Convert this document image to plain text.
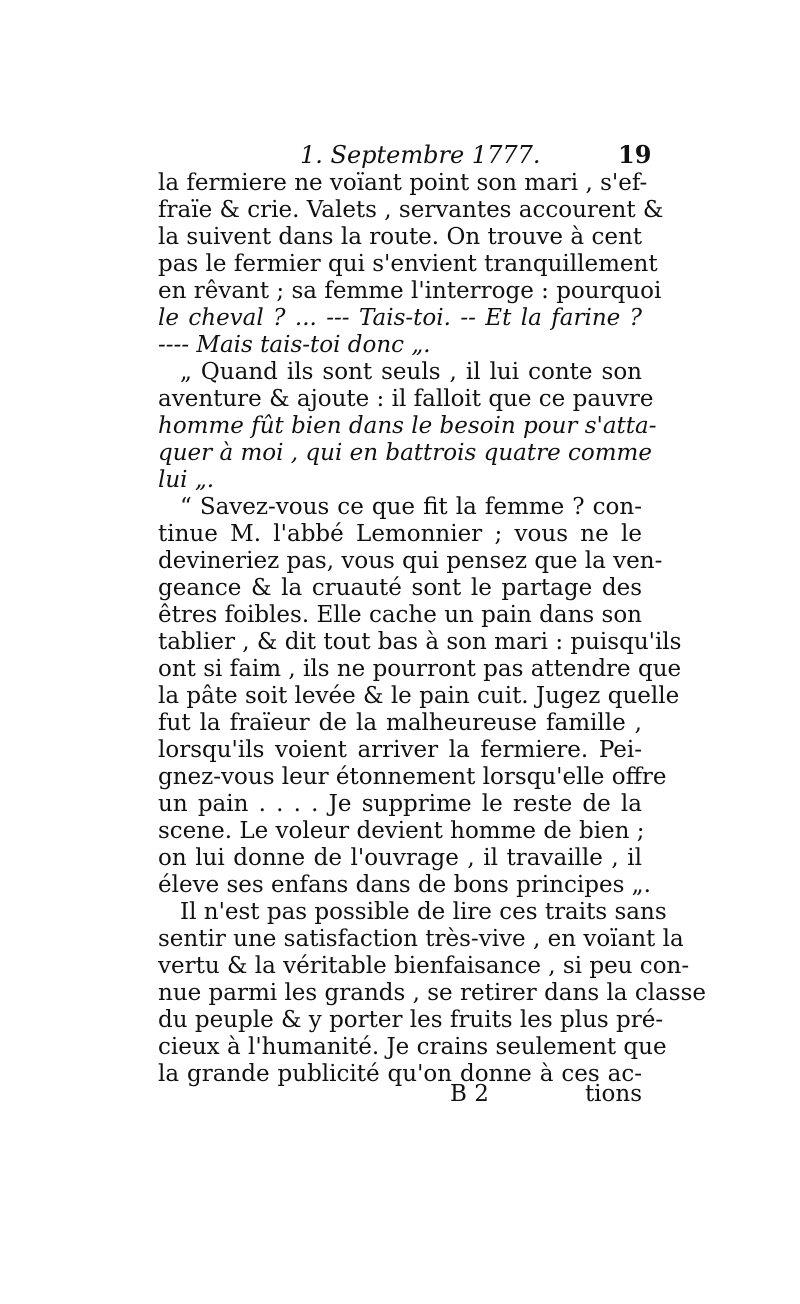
1. Septembre 1777.	19
la fermiere ne voïant point son mari , s'ef-
fraïe & crie. Valets , servantes accourent &
la suivent dans la route. On trouve à cent
pas le fermier qui s'envient tranquillement
en rêvant ; sa femme l'interroge : pourquoi
le cheval ? ... --- Tais-toi. -- Et la farine ?
---- Mais tais-toi donc „.
„ Quand ils sont seuls , il lui conte son
aventure & ajoute : il falloit que ce pauvre
homme fût bien dans le besoin pour s'atta-
quer à moi , qui en battrois quatre comme
lui „.
“ Savez-vous ce que fit la femme ? con-
tinue M. l'abbé Lemonnier ; vous ne le
devineriez pas, vous qui pensez que la ven-
geance & la cruauté sont le partage des
êtres foibles. Elle cache un pain dans son
tablier , & dit tout bas à son mari : puisqu'ils
ont si faim , ils ne pourront pas attendre que
la pâte soit levée & le pain cuit. Jugez quelle
fut la fraïeur de la malheureuse famille ,
lorsqu'ils voient arriver la fermiere. Pei-
gnez-vous leur étonnement lorsqu'elle offre
un pain . . . . Je supprime le reste de la
scene. Le voleur devient homme de bien ;
on lui donne de l'ouvrage , il travaille , il
éleve ses enfans dans de bons principes „.
Il n'est pas possible de lire ces traits sans
sentir une satisfaction très-vive , en voïant la
vertu & la véritable bienfaisance , si peu con-
nue parmi les grands , se retirer dans la classe
du peuple & y porter les fruits les plus pré-
cieux à l'humanité. Je crains seulement que
la grande publicité qu'on donne à ces ac-
B 2	tions
